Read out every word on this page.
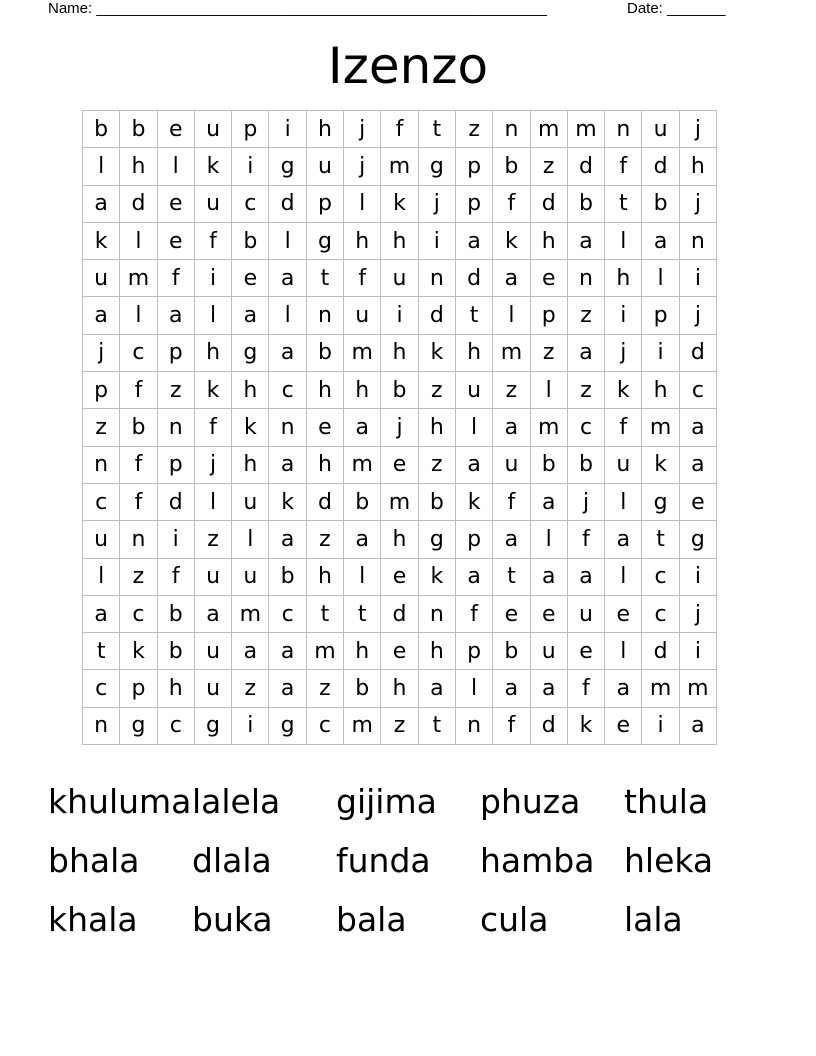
Name: ______________________________________________________	Date: _______
Izenzo
b	b	e	u	p	i	h	j	f	t	z	n	m	m	n	u	j
l	h	l	k	i	g	u	j	m	g	p	b	z	d	f	d	h
a	d	e	u	c	d	p	l	k	j	p	f	d	b	t	b	j
k	l	e	f	b	l	g	h	h	i	a	k	h	a	l	a	n
u	m	f	i	e	a	t	f	u	n	d	a	e	n	h	l	i
a	l	a	l	a	l	n	u	i	d	t	l	p	z	i	p	j
j	c	p	h	g	a	b	m	h	k	h	m	z	a	j	i	d
p	f	z	k	h	c	h	h	b	z	u	z	l	z	k	h	c
z	b	n	f	k	n	e	a	j	h	l	a	m	c	f	m	a
n	f	p	j	h	a	h	m	e	z	a	u	b	b	u	k	a
c	f	d	l	u	k	d	b	m	b	k	f	a	j	l	g	e
u	n	i	z	l	a	z	a	h	g	p	a	l	f	a	t	g
l	z	f	u	u	b	h	l	e	k	a	t	a	a	l	c	i
a	c	b	a	m	c	t	t	d	n	f	e	e	u	e	c	j
t	k	b	u	a	a	m	h	e	h	p	b	u	e	l	d	i
c	p	h	u	z	a	z	b	h	a	l	a	a	f	a	m	m
n	g	c	g	i	g	c	m	z	t	n	f	d	k	e	i	a
khuluma lalela gijima phuza thula
bhala dlala funda hamba hleka
khala buka bala cula lala
